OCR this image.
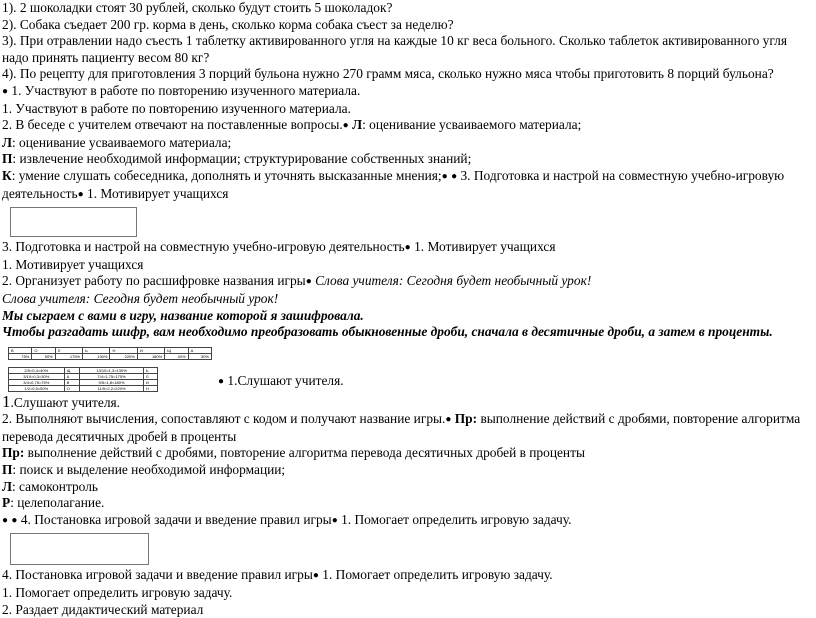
1). 2 шоколадки стоят 30 рублей, сколько будут стоить 5 шоколадок?

2). Собака съедает 200 гр. корма в день, сколько корма собака съест за неделю?

3). При отравлении надо съесть 1 таблетку активированного угля на каждые 10 кг веса больного. Сколько таблеток активированного угля надо принять пациенту весом 80 кг?

4). По рецепту для приготовления 3 порций бульона нужно 270 грамм мяса, сколько нужно мяса чтобы приготовить 8 порций бульона?

● 1. Участвуют в работе по повторению изученного материала.

1. Участвуют в работе по повторению изученного материала.

2. В беседе с учителем отвечают на поставленные вопросы.● Л: оценивание усваиваемого материала;

Л: оценивание усваиваемого материала;

П: извлечение необходимой информации; структурирование собственных знаний;

К: умение слушать собеседника, дополнять и уточнять высказанные мнения;● ● 3. Подготовка и настрой на совместную учебно-игровую деятельность● 1. Мотивирует учащихся

3. Подготовка и настрой на совместную учебно-игровую деятельность● 1. Мотивирует учащихся

1. Мотивирует учащихся

2. Организует работу по расшифровке названия игры● Слова учителя: Сегодня будет необычный урок!

Слова учителя: Сегодня будет необычный урок!

Мы сыграем с вами в игру, название которой я зашифровала.

Чтобы разгадать шифр, вам необходимо преобразовать обыкновенные дроби, сначала в десятичные дроби, а затем в проценты.

В	О	Л	Ь	Н	И	Щ	А
75%	50%	175%	130%	220%	180%	40%	30%
2/5=0,4=40%	Щ	13/10=1,3=130%	Ь
3/10=0,3=30%	А	7/4=1,75=175%	Л
3/4=0,75=75%	В	9/5=1,8=180%	И
1/2=0,5=50%	О	11/5=2,2=220%	Н

● 1.Слушают учителя.

1.Слушают учителя.

2. Выполняют вычисления, сопоставляют с кодом и получают название игры.● Пр: выполнение действий с дробями, повторение алгоритма перевода десятичных дробей в проценты

Пр: выполнение действий с дробями, повторение алгоритма перевода десятичных дробей в проценты

П: поиск и выделение необходимой информации;

Л: самоконтроль

Р: целеполагание.

● ● 4. Постановка игровой задачи и введение правил игры● 1. Помогает определить игровую задачу.

4. Постановка игровой задачи и введение правил игры● 1. Помогает определить игровую задачу.

1. Помогает определить игровую задачу.

2. Раздает дидактический материал
